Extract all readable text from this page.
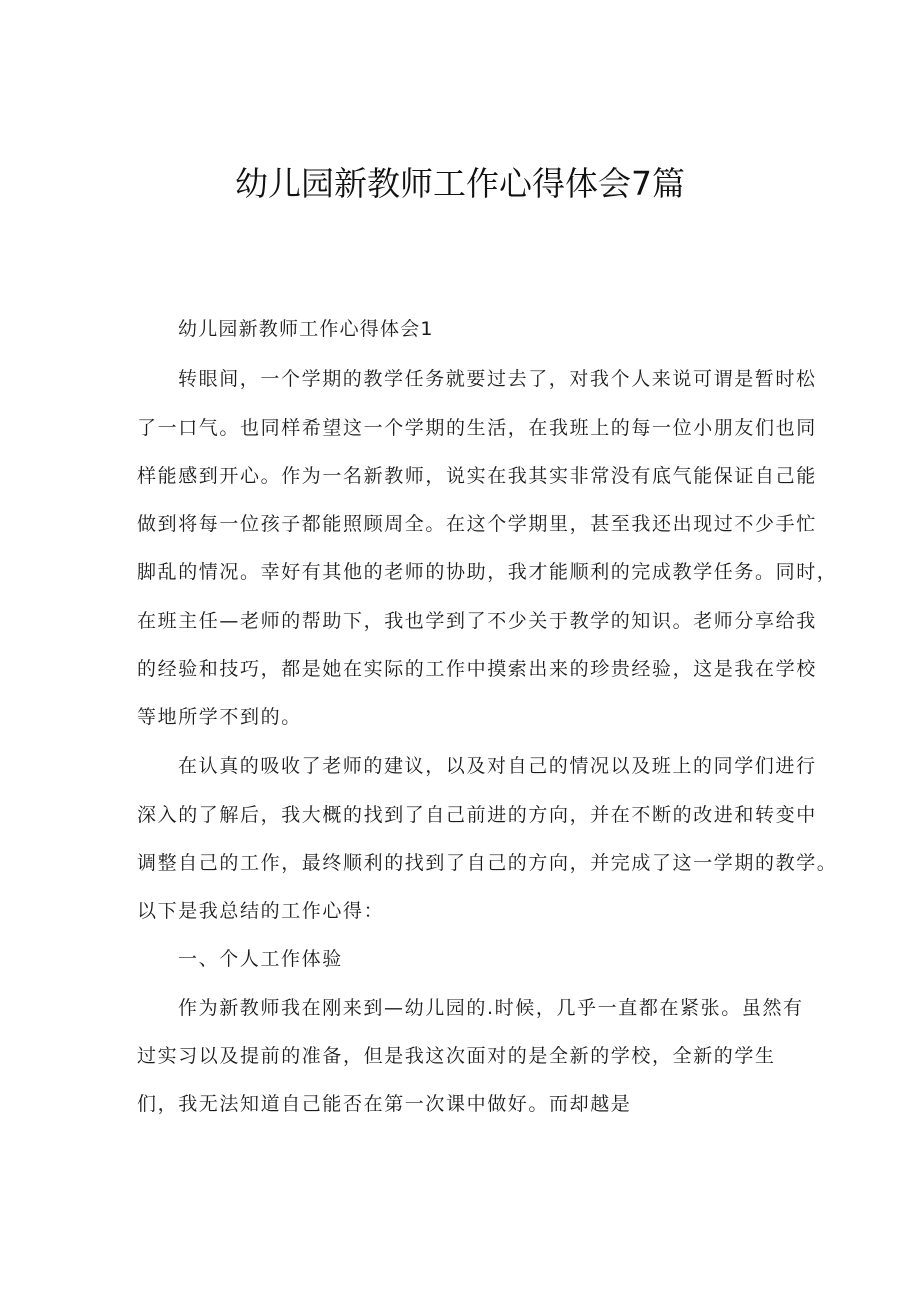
幼儿园新教师工作心得体会7篇

幼儿园新教师工作心得体会1

转眼间，一个学期的教学任务就要过去了，对我个人来说可谓是暂时松

了一口气。也同样希望这一个学期的生活，在我班上的每一位小朋友们也同

样能感到开心。作为一名新教师，说实在我其实非常没有底气能保证自己能

做到将每一位孩子都能照顾周全。在这个学期里，甚至我还出现过不少手忙

脚乱的情况。幸好有其他的老师的协助，我才能顺利的完成教学任务。同时，

在班主任—老师的帮助下，我也学到了不少关于教学的知识。老师分享给我

的经验和技巧，都是她在实际的工作中摸索出来的珍贵经验，这是我在学校

等地所学不到的。

在认真的吸收了老师的建议，以及对自己的情况以及班上的同学们进行

深入的了解后，我大概的找到了自己前进的方向，并在不断的改进和转变中

调整自己的工作，最终顺利的找到了自己的方向，并完成了这一学期的教学。

以下是我总结的工作心得：

一、个人工作体验

作为新教师我在刚来到—幼儿园的.时候，几乎一直都在紧张。虽然有

过实习以及提前的准备，但是我这次面对的是全新的学校，全新的学生

们，我无法知道自己能否在第一次课中做好。而却越是
